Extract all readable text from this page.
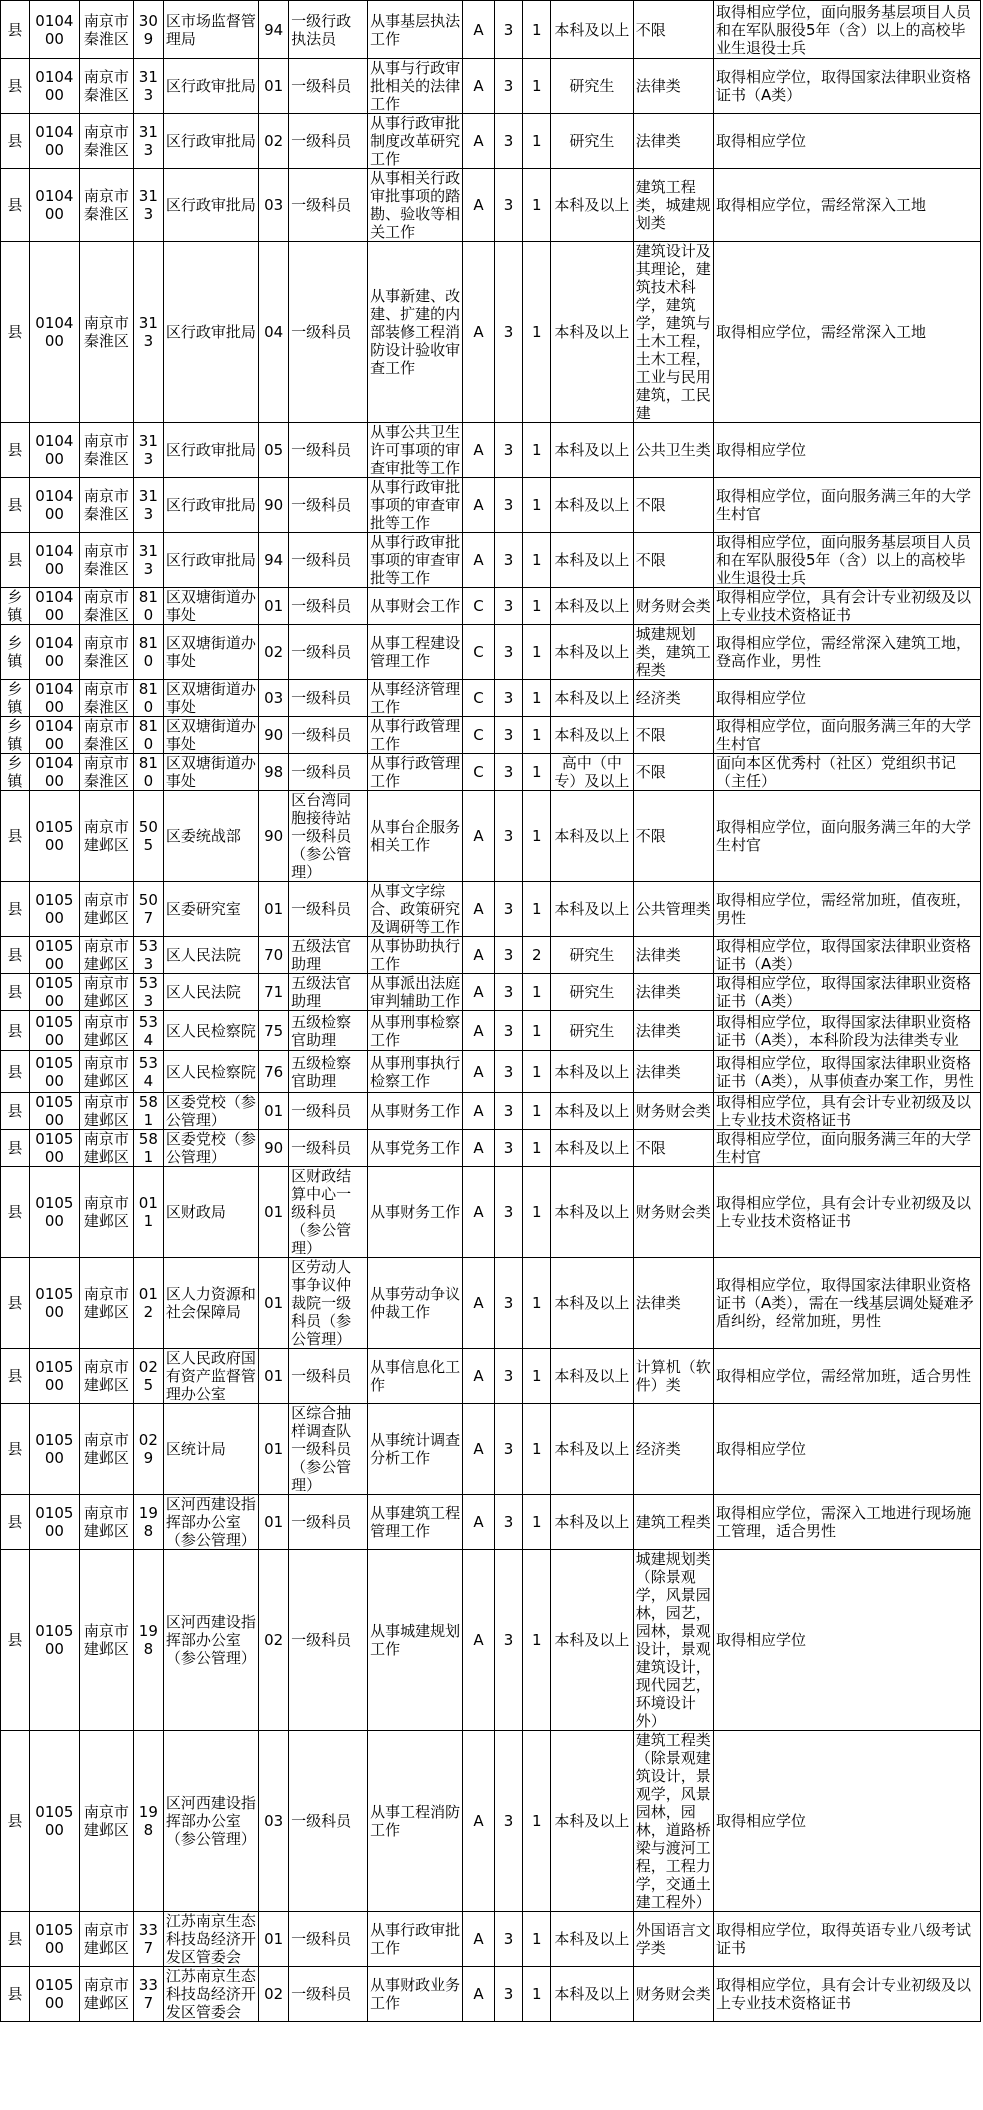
县	010400	南京市秦淮区	309	区市场监督管理局	94	一级行政执法员	从事基层执法工作	A	3	1	本科及以上	不限	取得相应学位，面向服务基层项目人员和在军队服役5年（含）以上的高校毕业生退役士兵
县	010400	南京市秦淮区	313	区行政审批局	01	一级科员	从事与行政审批相关的法律工作	A	3	1	研究生	法律类	取得相应学位，取得国家法律职业资格证书（A类）
县	010400	南京市秦淮区	313	区行政审批局	02	一级科员	从事行政审批制度改革研究工作	A	3	1	研究生	法律类	取得相应学位
县	010400	南京市秦淮区	313	区行政审批局	03	一级科员	从事相关行政审批事项的踏勘、验收等相关工作	A	3	1	本科及以上	建筑工程类，城建规划类	取得相应学位，需经常深入工地
县	010400	南京市秦淮区	313	区行政审批局	04	一级科员	从事新建、改建、扩建的内部装修工程消防设计验收审查工作	A	3	1	本科及以上	建筑设计及其理论，建筑技术科学，建筑学，建筑与土木工程，土木工程，工业与民用建筑，工民建	取得相应学位，需经常深入工地
县	010400	南京市秦淮区	313	区行政审批局	05	一级科员	从事公共卫生许可事项的审查审批等工作	A	3	1	本科及以上	公共卫生类	取得相应学位
县	010400	南京市秦淮区	313	区行政审批局	90	一级科员	从事行政审批事项的审查审批等工作	A	3	1	本科及以上	不限	取得相应学位，面向服务满三年的大学生村官
县	010400	南京市秦淮区	313	区行政审批局	94	一级科员	从事行政审批事项的审查审批等工作	A	3	1	本科及以上	不限	取得相应学位，面向服务基层项目人员和在军队服役5年（含）以上的高校毕业生退役士兵
乡镇	010400	南京市秦淮区	810	区双塘街道办事处	01	一级科员	从事财会工作	C	3	1	本科及以上	财务财会类	取得相应学位，具有会计专业初级及以上专业技术资格证书
乡镇	010400	南京市秦淮区	810	区双塘街道办事处	02	一级科员	从事工程建设管理工作	C	3	1	本科及以上	城建规划类，建筑工程类	取得相应学位，需经常深入建筑工地，登高作业，男性
乡镇	010400	南京市秦淮区	810	区双塘街道办事处	03	一级科员	从事经济管理工作	C	3	1	本科及以上	经济类	取得相应学位
乡镇	010400	南京市秦淮区	810	区双塘街道办事处	90	一级科员	从事行政管理工作	C	3	1	本科及以上	不限	取得相应学位，面向服务满三年的大学生村官
乡镇	010400	南京市秦淮区	810	区双塘街道办事处	98	一级科员	从事行政管理工作	C	3	1	高中（中专）及以上	不限	面向本区优秀村（社区）党组织书记（主任）
县	010500	南京市建邺区	505	区委统战部	90	区台湾同胞接待站一级科员（参公管理）	从事台企服务相关工作	A	3	1	本科及以上	不限	取得相应学位，面向服务满三年的大学生村官
县	010500	南京市建邺区	507	区委研究室	01	一级科员	从事文字综合、政策研究及调研等工作	A	3	1	本科及以上	公共管理类	取得相应学位，需经常加班，值夜班，男性
县	010500	南京市建邺区	533	区人民法院	70	五级法官助理	从事协助执行工作	A	3	2	研究生	法律类	取得相应学位，取得国家法律职业资格证书（A类）
县	010500	南京市建邺区	533	区人民法院	71	五级法官助理	从事派出法庭审判辅助工作	A	3	1	研究生	法律类	取得相应学位，取得国家法律职业资格证书（A类）
县	010500	南京市建邺区	534	区人民检察院	75	五级检察官助理	从事刑事检察工作	A	3	1	研究生	法律类	取得相应学位，取得国家法律职业资格证书（A类），本科阶段为法律类专业
县	010500	南京市建邺区	534	区人民检察院	76	五级检察官助理	从事刑事执行检察工作	A	3	1	本科及以上	法律类	取得相应学位，取得国家法律职业资格证书（A类），从事侦查办案工作，男性
县	010500	南京市建邺区	581	区委党校（参公管理）	01	一级科员	从事财务工作	A	3	1	本科及以上	财务财会类	取得相应学位，具有会计专业初级及以上专业技术资格证书
县	010500	南京市建邺区	581	区委党校（参公管理）	90	一级科员	从事党务工作	A	3	1	本科及以上	不限	取得相应学位，面向服务满三年的大学生村官
县	010500	南京市建邺区	011	区财政局	01	区财政结算中心一级科员（参公管理）	从事财务工作	A	3	1	本科及以上	财务财会类	取得相应学位，具有会计专业初级及以上专业技术资格证书
县	010500	南京市建邺区	012	区人力资源和社会保障局	01	区劳动人事争议仲裁院一级科员（参公管理）	从事劳动争议仲裁工作	A	3	1	本科及以上	法律类	取得相应学位，取得国家法律职业资格证书（A类），需在一线基层调处疑难矛盾纠纷，经常加班，男性
县	010500	南京市建邺区	025	区人民政府国有资产监督管理办公室	01	一级科员	从事信息化工作	A	3	1	本科及以上	计算机（软件）类	取得相应学位，需经常加班，适合男性
县	010500	南京市建邺区	029	区统计局	01	区综合抽样调查队一级科员（参公管理）	从事统计调查分析工作	A	3	1	本科及以上	经济类	取得相应学位
县	010500	南京市建邺区	198	区河西建设指挥部办公室（参公管理）	01	一级科员	从事建筑工程管理工作	A	3	1	本科及以上	建筑工程类	取得相应学位，需深入工地进行现场施工管理，适合男性
县	010500	南京市建邺区	198	区河西建设指挥部办公室（参公管理）	02	一级科员	从事城建规划工作	A	3	1	本科及以上	城建规划类（除景观学，风景园林，园艺，园林，景观设计，景观建筑设计，现代园艺，环境设计外）	取得相应学位
县	010500	南京市建邺区	198	区河西建设指挥部办公室（参公管理）	03	一级科员	从事工程消防工作	A	3	1	本科及以上	建筑工程类（除景观建筑设计，景观学，风景园林，园林，道路桥梁与渡河工程，工程力学，交通土建工程外）	取得相应学位
县	010500	南京市建邺区	337	江苏南京生态科技岛经济开发区管委会	01	一级科员	从事行政审批工作	A	3	1	本科及以上	外国语言文学类	取得相应学位，取得英语专业八级考试证书
县	010500	南京市建邺区	337	江苏南京生态科技岛经济开发区管委会	02	一级科员	从事财政业务工作	A	3	1	本科及以上	财务财会类	取得相应学位，具有会计专业初级及以上专业技术资格证书
